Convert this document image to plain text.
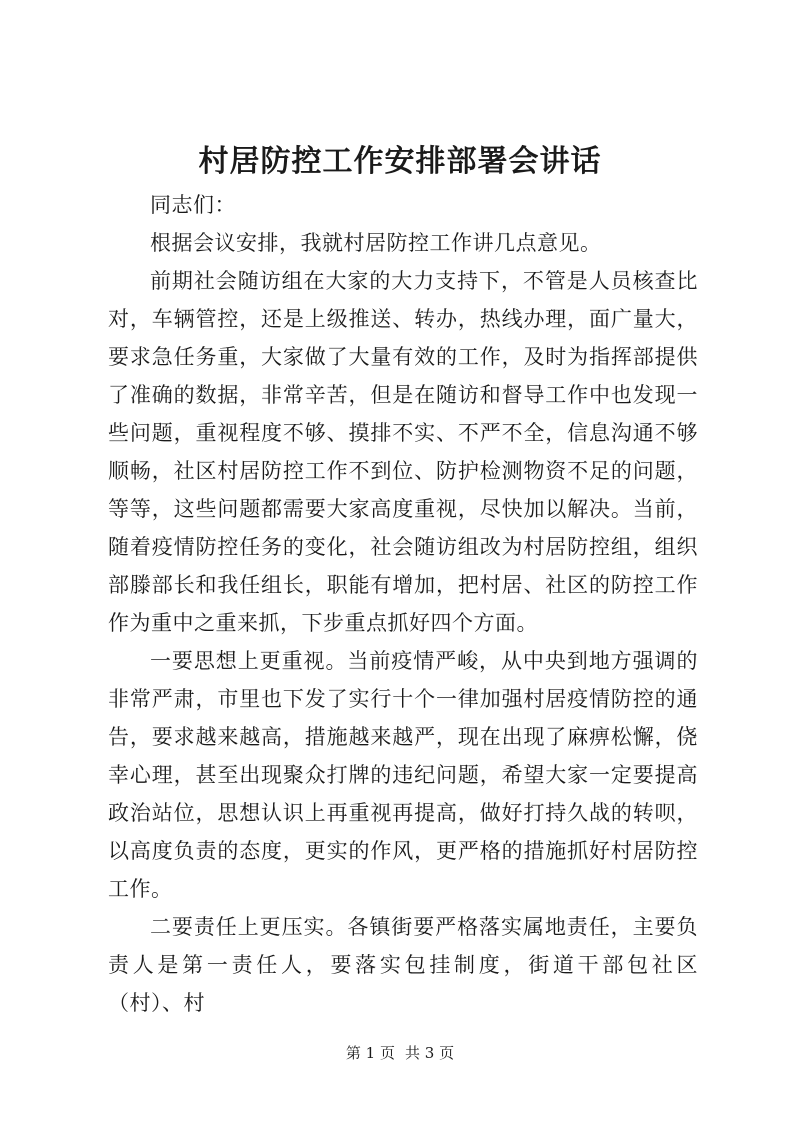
村居防控工作安排部署会讲话

同志们：

根据会议安排，我就村居防控工作讲几点意见。

前期社会随访组在大家的大力支持下，不管是人员核查比对，车辆管控，还是上级推送、转办，热线办理，面广量大，要求急任务重，大家做了大量有效的工作，及时为指挥部提供了准确的数据，非常辛苦，但是在随访和督导工作中也发现一些问题，重视程度不够、摸排不实、不严不全，信息沟通不够顺畅，社区村居防控工作不到位、防护检测物资不足的问题，等等，这些问题都需要大家高度重视，尽快加以解决。当前，随着疫情防控任务的变化，社会随访组改为村居防控组，组织部滕部长和我任组长，职能有增加，把村居、社区的防控工作作为重中之重来抓，下步重点抓好四个方面。

一要思想上更重视。当前疫情严峻，从中央到地方强调的非常严肃，市里也下发了实行十个一律加强村居疫情防控的通告，要求越来越高，措施越来越严，现在出现了麻痹松懈，侥幸心理，甚至出现聚众打牌的违纪问题，希望大家一定要提高政治站位，思想认识上再重视再提高，做好打持久战的转呗，以高度负责的态度，更实的作风，更严格的措施抓好村居防控工作。

二要责任上更压实。各镇街要严格落实属地责任，主要负责人是第一责任人，要落实包挂制度，街道干部包社区（村）、村

第 1 页 共 3 页
